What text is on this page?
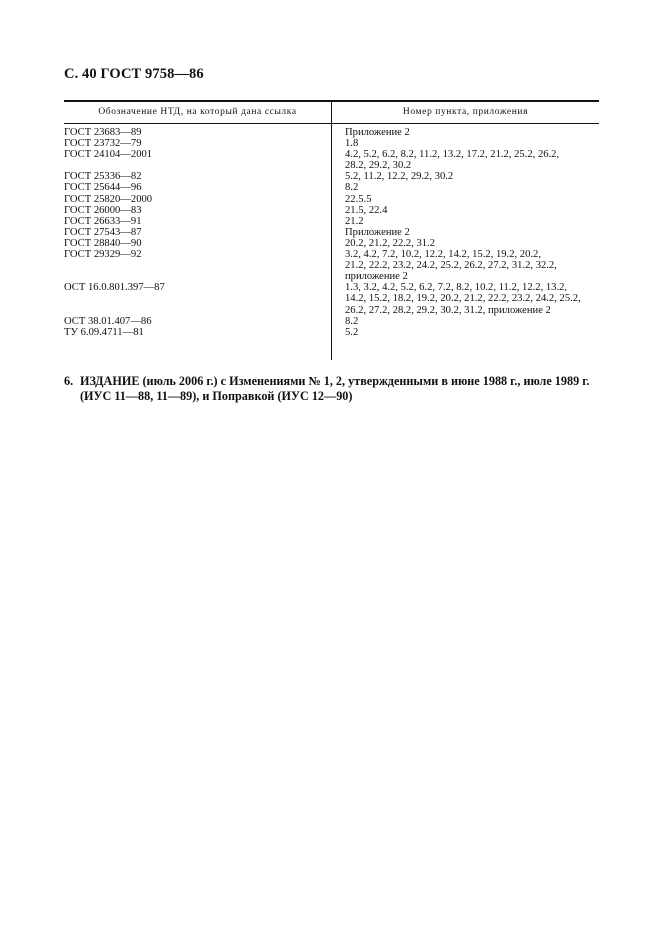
С. 40 ГОСТ 9758—86
Обозначение НТД, на который дана ссылка	Номер пункта, приложения
ГОСТ 23683—89	Приложение 2
ГОСТ 23732—79	1.8
ГОСТ 24104—2001	4.2, 5.2, 6.2, 8.2, 11.2, 13.2, 17.2, 21.2, 25.2, 26.2,
28.2, 29.2, 30.2
ГОСТ 25336—82	5.2, 11.2, 12.2, 29.2, 30.2
ГОСТ 25644—96	8.2
ГОСТ 25820—2000	22.5.5
ГОСТ 26000—83	21.5, 22.4
ГОСТ 26633—91	21.2
ГОСТ 27543—87	Приложение 2
ГОСТ 28840—90	20.2, 21.2, 22.2, 31.2
ГОСТ 29329—92	3.2, 4.2, 7.2, 10.2, 12.2, 14.2, 15.2, 19.2, 20.2,
21.2, 22.2, 23.2, 24.2, 25.2, 26.2, 27.2, 31.2, 32.2,
приложение 2
ОСТ 16.0.801.397—87	1.3, 3.2, 4.2, 5.2, 6.2, 7.2, 8.2, 10.2, 11.2, 12.2, 13.2,
14.2, 15.2, 18.2, 19.2, 20.2, 21.2, 22.2, 23.2, 24.2, 25.2,
26.2, 27.2, 28.2, 29.2, 30.2, 31.2, приложение 2
ОСТ 38.01.407—86	8.2
ТУ 6.09.4711—81	5.2
6. ИЗДАНИЕ (июль 2006 г.) с Изменениями № 1, 2, утвержденными в июне 1988 г., июле 1989 г.
(ИУС 11—88, 11—89), и Поправкой (ИУС 12—90)
